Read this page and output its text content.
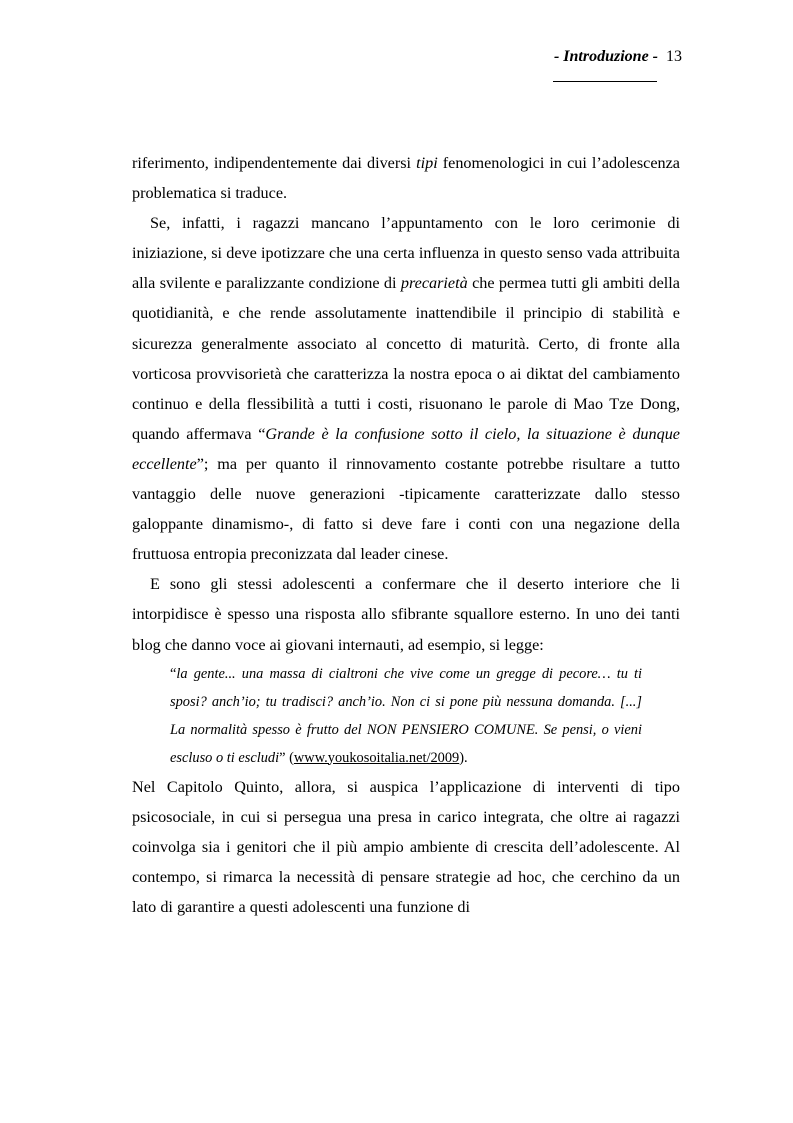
- Introduzione - 13

riferimento, indipendentemente dai diversi tipi fenomenologici in cui l’adolescenza problematica si traduce.

Se, infatti, i ragazzi mancano l’appuntamento con le loro cerimonie di iniziazione, si deve ipotizzare che una certa influenza in questo senso vada attribuita alla svilente e paralizzante condizione di precarietà che permea tutti gli ambiti della quotidianità, e che rende assolutamente inattendibile il principio di stabilità e sicurezza generalmente associato al concetto di maturità. Certo, di fronte alla vorticosa provvisorietà che caratterizza la nostra epoca o ai diktat del cambiamento continuo e della flessibilità a tutti i costi, risuonano le parole di Mao Tze Dong, quando affermava “Grande è la confusione sotto il cielo, la situazione è dunque eccellente”; ma per quanto il rinnovamento costante potrebbe risultare a tutto vantaggio delle nuove generazioni -tipicamente caratterizzate dallo stesso galoppante dinamismo-, di fatto si deve fare i conti con una negazione della fruttuosa entropia preconizzata dal leader cinese.

E sono gli stessi adolescenti a confermare che il deserto interiore che li intorpidisce è spesso una risposta allo sfibrante squallore esterno. In uno dei tanti blog che danno voce ai giovani internauti, ad esempio, si legge:

“la gente... una massa di cialtroni che vive come un gregge di pecore… tu ti sposi? anch’io; tu tradisci? anch’io. Non ci si pone più nessuna domanda. [...] La normalità spesso è frutto del NON PENSIERO COMUNE. Se pensi, o vieni escluso o ti escludi” (www.youkosoitalia.net/2009).

Nel Capitolo Quinto, allora, si auspica l’applicazione di interventi di tipo psicosociale, in cui si persegua una presa in carico integrata, che oltre ai ragazzi coinvolga sia i genitori che il più ampio ambiente di crescita dell’adolescente. Al contempo, si rimarca la necessità di pensare strategie ad hoc, che cerchino da un lato di garantire a questi adolescenti una funzione di
